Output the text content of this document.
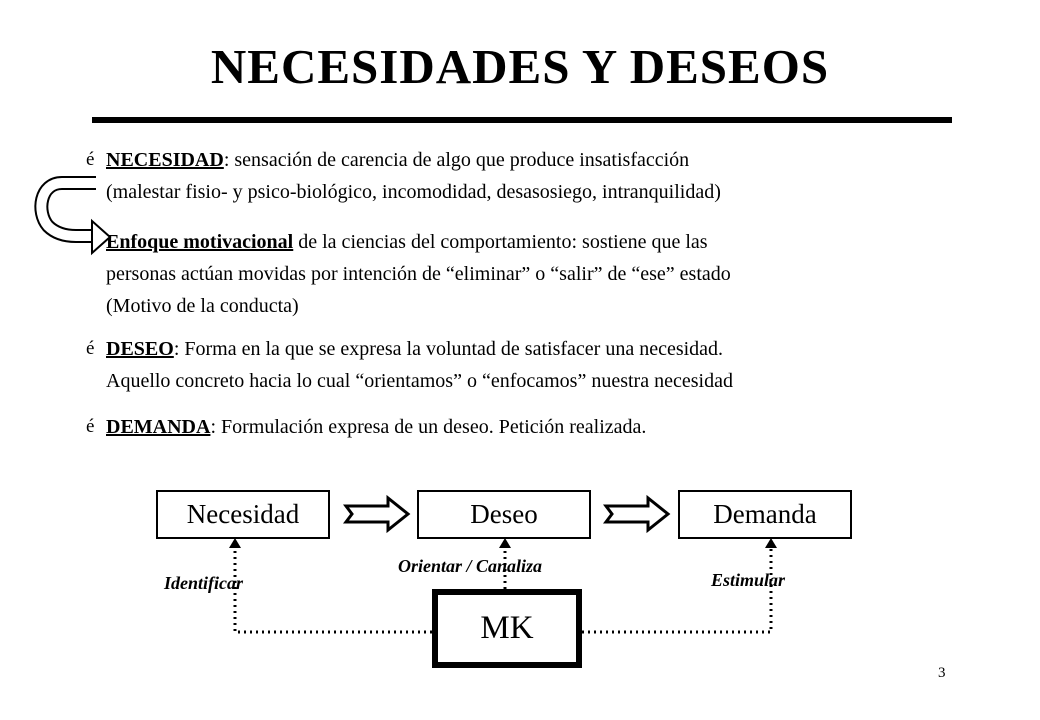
NECESIDADES Y DESEOS
é NECESIDAD: sensación de carencia de algo que produce insatisfacción
(malestar fisio- y psico-biológico, incomodidad, desasosiego, intranquilidad)
Enfoque motivacional de la ciencias del comportamiento: sostiene que las
personas actúan movidas por intención de “eliminar” o “salir” de “ese” estado
(Motivo de la conducta)
é DESEO: Forma en la que se expresa la voluntad de satisfacer una necesidad.
Aquello concreto hacia lo cual “orientamos” o “enfocamos” nuestra necesidad
é DEMANDA: Formulación expresa de un deseo. Petición realizada.
Necesidad	Deseo	Demanda
Identificar
Orientar / Canaliza
Estimular
MK
3
